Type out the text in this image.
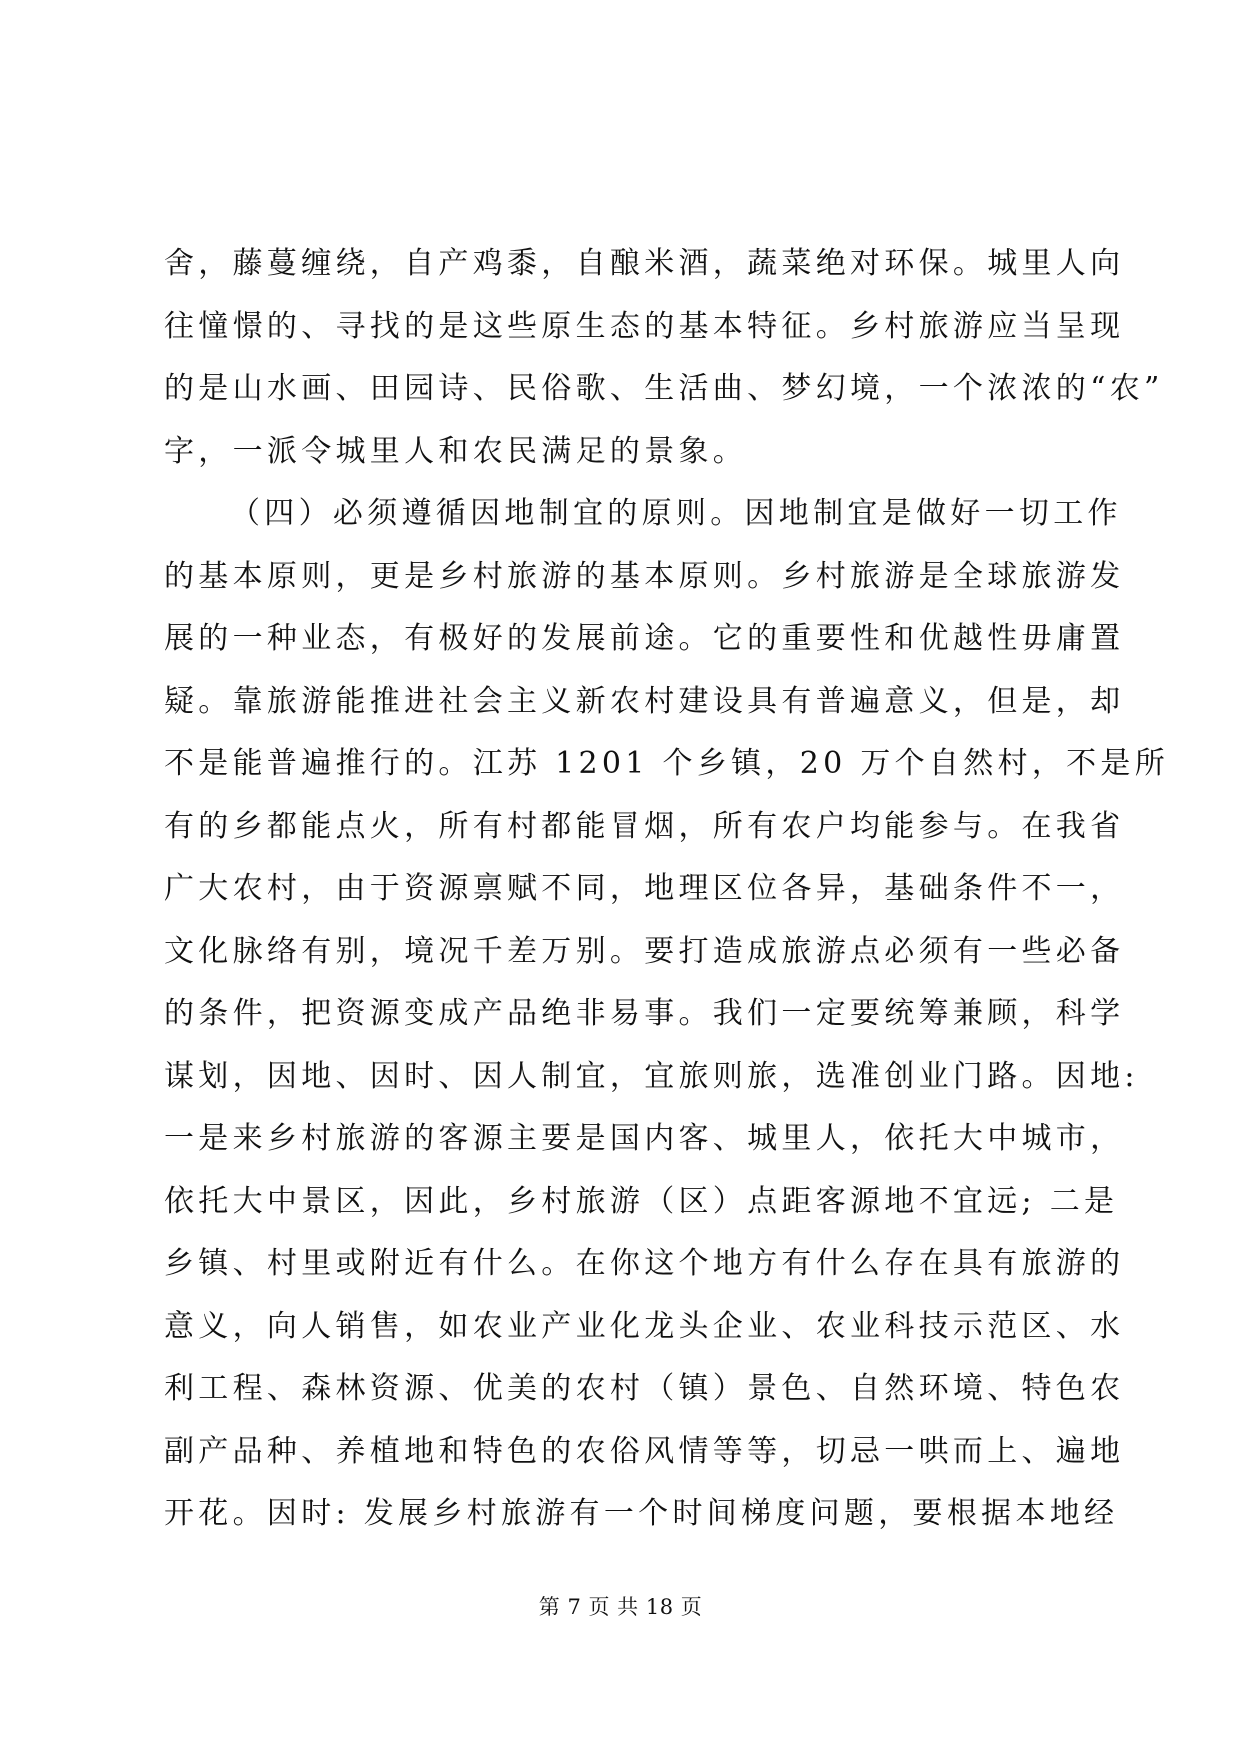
舍，藤蔓缠绕，自产鸡黍，自酿米酒，蔬菜绝对环保。城里人向
往憧憬的、寻找的是这些原生态的基本特征。乡村旅游应当呈现
的是山水画、田园诗、民俗歌、生活曲、梦幻境，一个浓浓的“农”
字，一派令城里人和农民满足的景象。
（四）必须遵循因地制宜的原则。因地制宜是做好一切工作
的基本原则，更是乡村旅游的基本原则。乡村旅游是全球旅游发
展的一种业态，有极好的发展前途。它的重要性和优越性毋庸置
疑。靠旅游能推进社会主义新农村建设具有普遍意义，但是，却
不是能普遍推行的。江苏 1201 个乡镇，20 万个自然村，不是所
有的乡都能点火，所有村都能冒烟，所有农户均能参与。在我省
广大农村，由于资源禀赋不同，地理区位各异，基础条件不一，
文化脉络有别，境况千差万别。要打造成旅游点必须有一些必备
的条件，把资源变成产品绝非易事。我们一定要统筹兼顾，科学
谋划，因地、因时、因人制宜，宜旅则旅，选准创业门路。因地:
一是来乡村旅游的客源主要是国内客、城里人，依托大中城市，
依托大中景区，因此，乡村旅游（区）点距客源地不宜远; 二是
乡镇、村里或附近有什么。在你这个地方有什么存在具有旅游的
意义，向人销售，如农业产业化龙头企业、农业科技示范区、水
利工程、森林资源、优美的农村（镇）景色、自然环境、特色农
副产品种、养植地和特色的农俗风情等等，切忌一哄而上、遍地
开花。因时: 发展乡村旅游有一个时间梯度问题，要根据本地经
第 7 页 共 18 页
